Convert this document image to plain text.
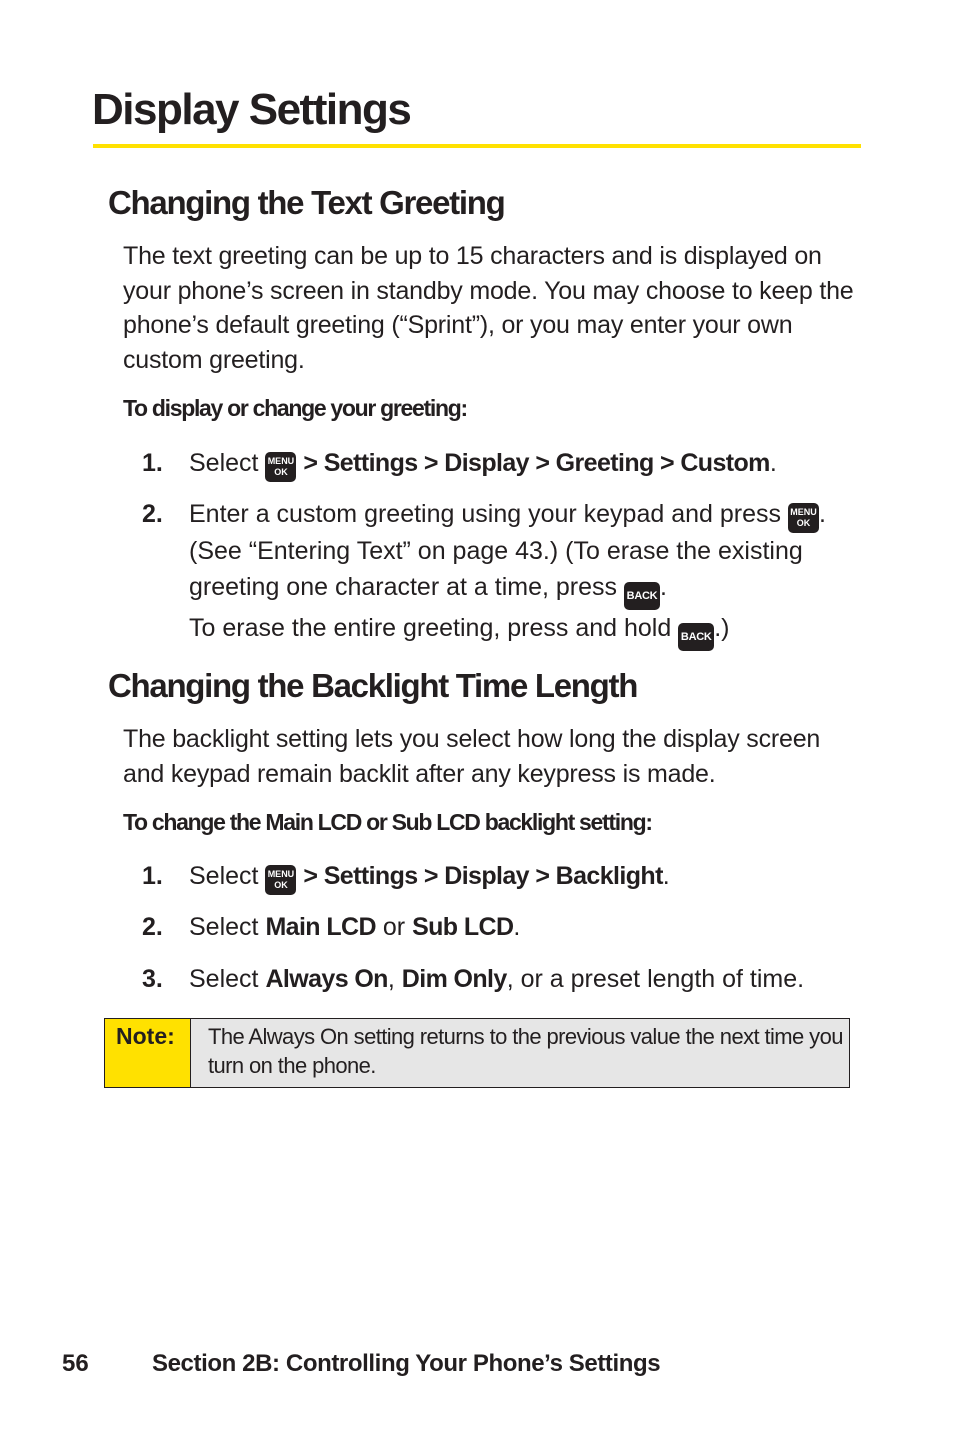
Display Settings
Changing the Text Greeting

The text greeting can be up to 15 characters and is displayed on your phone’s screen in standby mode. You may choose to keep the phone’s default greeting (“Sprint”), or you may enter your own custom greeting.

To display or change your greeting:

1. Select MENU
OK > Settings > Display > Greeting > Custom.
2. Enter a custom greeting using your keypad and press MENU
OK . (See “Entering Text” on page 43.) (To erase the existing greeting one character at a time, press BACK .
To erase the entire greeting, press and hold BACK .)
Changing the Backlight Time Length

The backlight setting lets you select how long the display screen and keypad remain backlit after any keypress is made.

To change the Main LCD or Sub LCD backlight setting:

1. Select MENU
OK > Settings > Display > Backlight.
2. Select Main LCD or Sub LCD.
3. Select Always On, Dim Only, or a preset length of time.
Note:	The Always On setting returns to the previous value the next time you turn on the phone.
56	Section 2B: Controlling Your Phone’s Settings
